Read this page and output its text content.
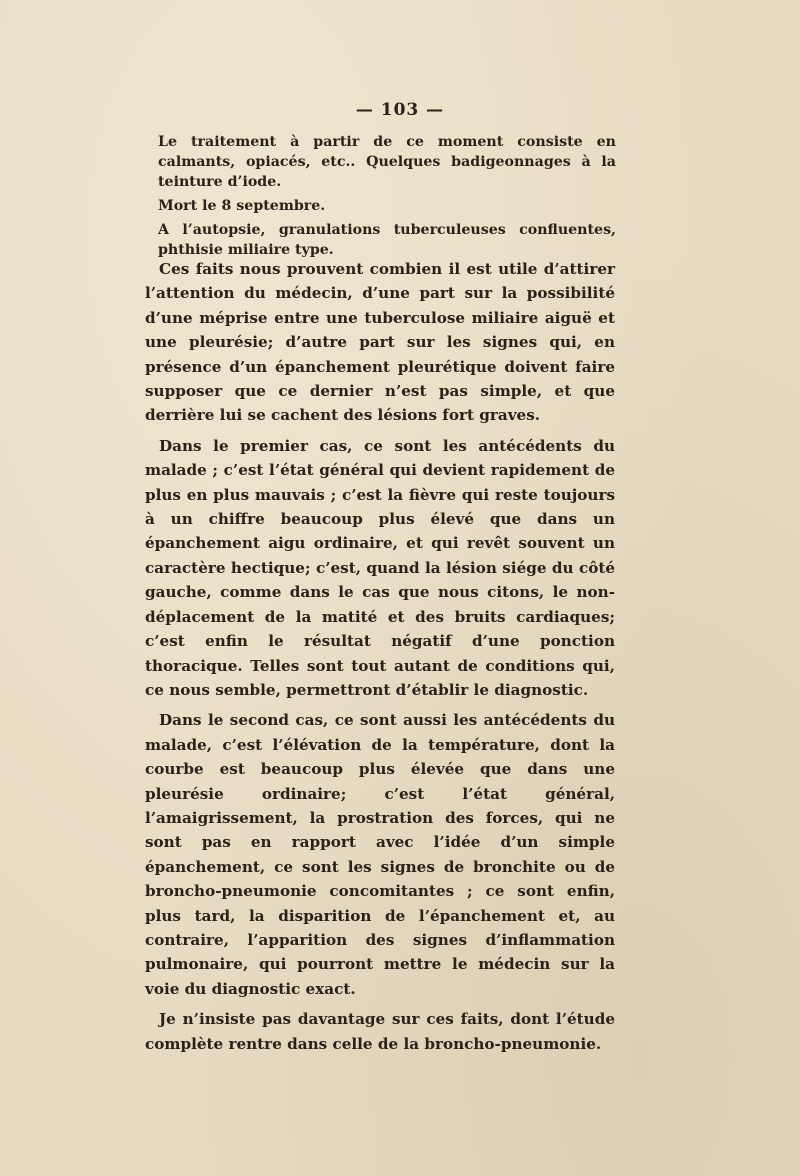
— 103 —

Le traitement à partir de ce moment consiste en calmants, opiacés, etc.. Quelques badigeonnages à la teinture d’iode.

Mort le 8 septembre.

A l’autopsie, granulations tuberculeuses confluentes, phthisie miliaire type.

Ces faits nous prouvent combien il est utile d’attirer l’attention du médecin, d’une part sur la possibilité d’une méprise entre une tuberculose miliaire aiguë et une pleurésie; d’autre part sur les signes qui, en présence d’un épanchement pleurétique doivent faire supposer que ce dernier n’est pas simple, et que derrière lui se cachent des lésions fort graves.

Dans le premier cas, ce sont les antécédents du malade ; c’est l’état général qui devient rapidement de plus en plus mauvais ; c’est la fièvre qui reste toujours à un chiffre beaucoup plus élevé que dans un épanchement aigu ordinaire, et qui revêt souvent un caractère hectique; c’est, quand la lésion siége du côté gauche, comme dans le cas que nous citons, le non-déplacement de la matité et des bruits cardiaques; c’est enfin le résultat négatif d’une ponction thoracique. Telles sont tout autant de conditions qui, ce nous semble, permettront d’établir le diagnostic.

Dans le second cas, ce sont aussi les antécédents du malade, c’est l’élévation de la température, dont la courbe est beaucoup plus élevée que dans une pleurésie ordinaire; c’est l’état général, l’amaigrissement, la prostration des forces, qui ne sont pas en rapport avec l’idée d’un simple épanchement, ce sont les signes de bronchite ou de broncho-pneumonie concomitantes ; ce sont enfin, plus tard, la disparition de l’épanchement et, au contraire, l’apparition des signes d’inflammation pulmonaire, qui pourront mettre le médecin sur la voie du diagnostic exact.

Je n’insiste pas davantage sur ces faits, dont l’étude complète rentre dans celle de la broncho-pneumonie.
